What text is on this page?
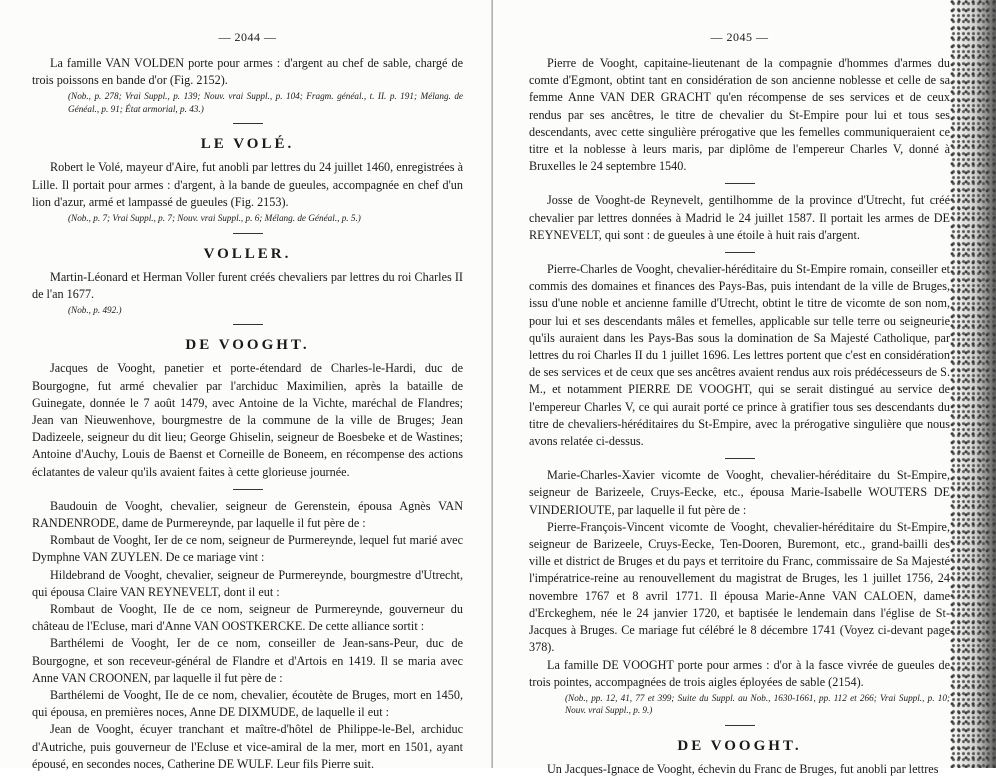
— 2044 —

La famille VAN VOLDEN porte pour armes : d'argent au chef de sable, chargé de trois poissons en bande d'or (Fig. 2152).

(Nob., p. 278; Vrai Suppl., p. 139; Nouv. vrai Suppl., p. 104; Fragm. généal., t. II. p. 191; Mélang. de Généal., p. 91; État armorial, p. 43.)

LE VOLÉ.

Robert le Volé, mayeur d'Aire, fut anobli par lettres du 24 juillet 1460, enregistrées à Lille. Il portait pour armes : d'argent, à la bande de gueules, accompagnée en chef d'un lion d'azur, armé et lampassé de gueules (Fig. 2153).

(Nob., p. 7; Vrai Suppl., p. 7; Nouv. vrai Suppl., p. 6; Mélang. de Généal., p. 5.)

VOLLER.

Martin-Léonard et Herman Voller furent créés chevaliers par lettres du roi Charles II de l'an 1677.

(Nob., p. 492.)

DE VOOGHT.

Jacques de Vooght, panetier et porte-étendard de Charles-le-Hardi, duc de Bourgogne, fut armé chevalier par l'archiduc Maximilien, après la bataille de Guinegate, donnée le 7 août 1479, avec Antoine de la Vichte, maréchal de Flandres; Jean van Nieuwenhove, bourgmestre de la commune de la ville de Bruges; Jean Dadizeele, seigneur du dit lieu; George Ghiselin, seigneur de Boesbeke et de Wastines; Antoine d'Auchy, Louis de Baenst et Corneille de Boneem, en récompense des actions éclatantes de valeur qu'ils avaient faites à cette glorieuse journée.

Baudouin de Vooght, chevalier, seigneur de Gerenstein, épousa Agnès VAN RANDENRODE, dame de Purmereynde, par laquelle il fut père de :

Rombaut de Vooght, Ier de ce nom, seigneur de Purmereynde, lequel fut marié avec Dymphne VAN ZUYLEN. De ce mariage vint :

Hildebrand de Vooght, chevalier, seigneur de Purmereynde, bourgmestre d'Utrecht, qui épousa Claire VAN REYNEVELT, dont il eut :

Rombaut de Vooght, IIe de ce nom, seigneur de Purmereynde, gouverneur du château de l'Ecluse, mari d'Anne VAN OOSTKERCKE. De cette alliance sortit :

Barthélemi de Vooght, Ier de ce nom, conseiller de Jean-sans-Peur, duc de Bourgogne, et son receveur-général de Flandre et d'Artois en 1419. Il se maria avec Anne VAN CROONEN, par laquelle il fut père de :

Barthélemi de Vooght, IIe de ce nom, chevalier, écoutète de Bruges, mort en 1450, qui épousa, en premières noces, Anne DE DIXMUDE, de laquelle il eut :

Jean de Vooght, écuyer tranchant et maître-d'hôtel de Philippe-le-Bel, archiduc d'Autriche, puis gouverneur de l'Ecluse et vice-amiral de la mer, mort en 1501, ayant épousé, en secondes noces, Catherine DE WULF. Leur fils Pierre suit.

— 2045 —

Pierre de Vooght, capitaine-lieutenant de la compagnie d'hommes d'armes du comte d'Egmont, obtint tant en considération de son ancienne noblesse et celle de sa femme Anne VAN DER GRACHT qu'en récompense de ses services et de ceux rendus par ses ancêtres, le titre de chevalier du St-Empire pour lui et tous ses descendants, avec cette singulière prérogative que les femelles communiqueraient ce titre et la noblesse à leurs maris, par diplôme de l'empereur Charles V, donné à Bruxelles le 24 septembre 1540.

Josse de Vooght-de Reynevelt, gentilhomme de la province d'Utrecht, fut créé chevalier par lettres données à Madrid le 24 juillet 1587. Il portait les armes de DE REYNEVELT, qui sont : de gueules à une étoile à huit rais d'argent.

Pierre-Charles de Vooght, chevalier-héréditaire du St-Empire romain, conseiller et commis des domaines et finances des Pays-Bas, puis intendant de la ville de Bruges, issu d'une noble et ancienne famille d'Utrecht, obtint le titre de vicomte de son nom, pour lui et ses descendants mâles et femelles, applicable sur telle terre ou seigneurie qu'ils auraient dans les Pays-Bas sous la domination de Sa Majesté Catholique, par lettres du roi Charles II du 1 juillet 1696. Les lettres portent que c'est en considération de ses services et de ceux que ses ancêtres avaient rendus aux rois prédécesseurs de S. M., et notamment PIERRE DE VOOGHT, qui se serait distingué au service de l'empereur Charles V, ce qui aurait porté ce prince à gratifier tous ses descendants du titre de chevaliers-héréditaires du St-Empire, avec la prérogative singulière que nous avons relatée ci-dessus.

Marie-Charles-Xavier vicomte de Vooght, chevalier-héréditaire du St-Empire, seigneur de Barizeele, Cruys-Eecke, etc., épousa Marie-Isabelle WOUTERS DE VINDERIOUTE, par laquelle il fut père de :

Pierre-François-Vincent vicomte de Vooght, chevalier-héréditaire du St-Empire, seigneur de Barizeele, Cruys-Eecke, Ten-Dooren, Buremont, etc., grand-bailli des ville et district de Bruges et du pays et territoire du Franc, commissaire de Sa Majesté l'impératrice-reine au renouvellement du magistrat de Bruges, les 1 juillet 1756, 24 novembre 1767 et 8 avril 1771. Il épousa Marie-Anne VAN CALOEN, dame d'Erckeghem, née le 24 janvier 1720, et baptisée le lendemain dans l'église de St-Jacques à Bruges. Ce mariage fut célébré le 8 décembre 1741 (Voyez ci-devant page 378).

La famille DE VOOGHT porte pour armes : d'or à la fasce vivrée de gueules de trois pointes, accompagnées de trois aigles éployées de sable (2154).

(Nob., pp. 12, 41, 77 et 399; Suite du Suppl. au Nob., 1630-1661, pp. 112 et 266; Vrai Suppl., p. 10; Nouv. vrai Suppl., p. 9.)

DE VOOGHT.

Un Jacques-Ignace de Vooght, échevin du Franc de Bruges, fut anobli par lettres
